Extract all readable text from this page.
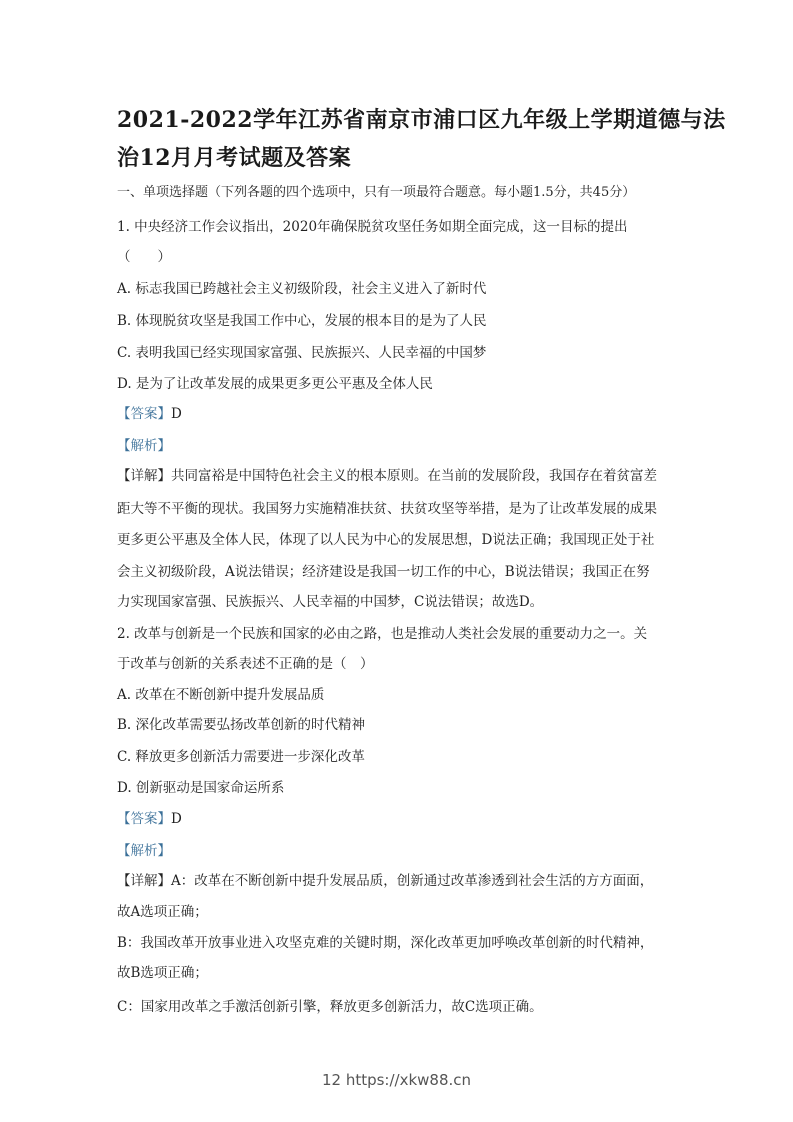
2021-2022学年江苏省南京市浦口区九年级上学期道德与法
治12月月考试题及答案
一、单项选择题（下列各题的四个选项中，只有一项最符合题意。每小题1.5分，共45分）
1. 中央经济工作会议指出，2020年确保脱贫攻坚任务如期全面完成，这一目标的提出
（　　）
A. 标志我国已跨越社会主义初级阶段，社会主义进入了新时代
B. 体现脱贫攻坚是我国工作中心，发展的根本目的是为了人民
C. 表明我国已经实现国家富强、民族振兴、人民幸福的中国梦
D. 是为了让改革发展的成果更多更公平惠及全体人民
【答案】D
【解析】
【详解】共同富裕是中国特色社会主义的根本原则。在当前的发展阶段，我国存在着贫富差
距大等不平衡的现状。我国努力实施精准扶贫、扶贫攻坚等举措，是为了让改革发展的成果
更多更公平惠及全体人民，体现了以人民为中心的发展思想，D说法正确；我国现正处于社
会主义初级阶段，A说法错误；经济建设是我国一切工作的中心，B说法错误；我国正在努
力实现国家富强、民族振兴、人民幸福的中国梦，C说法错误；故选D。
2. 改革与创新是一个民族和国家的必由之路，也是推动人类社会发展的重要动力之一。关
于改革与创新的关系表述不正确的是（　）
A. 改革在不断创新中提升发展品质
B. 深化改革需要弘扬改革创新的时代精神
C. 释放更多创新活力需要进一步深化改革
D. 创新驱动是国家命运所系
【答案】D
【解析】
【详解】A：改革在不断创新中提升发展品质，创新通过改革渗透到社会生活的方方面面，
故A选项正确；
B：我国改革开放事业进入攻坚克难的关键时期，深化改革更加呼唤改革创新的时代精神，
故B选项正确；
C：国家用改革之手激活创新引擎，释放更多创新活力，故C选项正确。
12 https://xkw88.cn
